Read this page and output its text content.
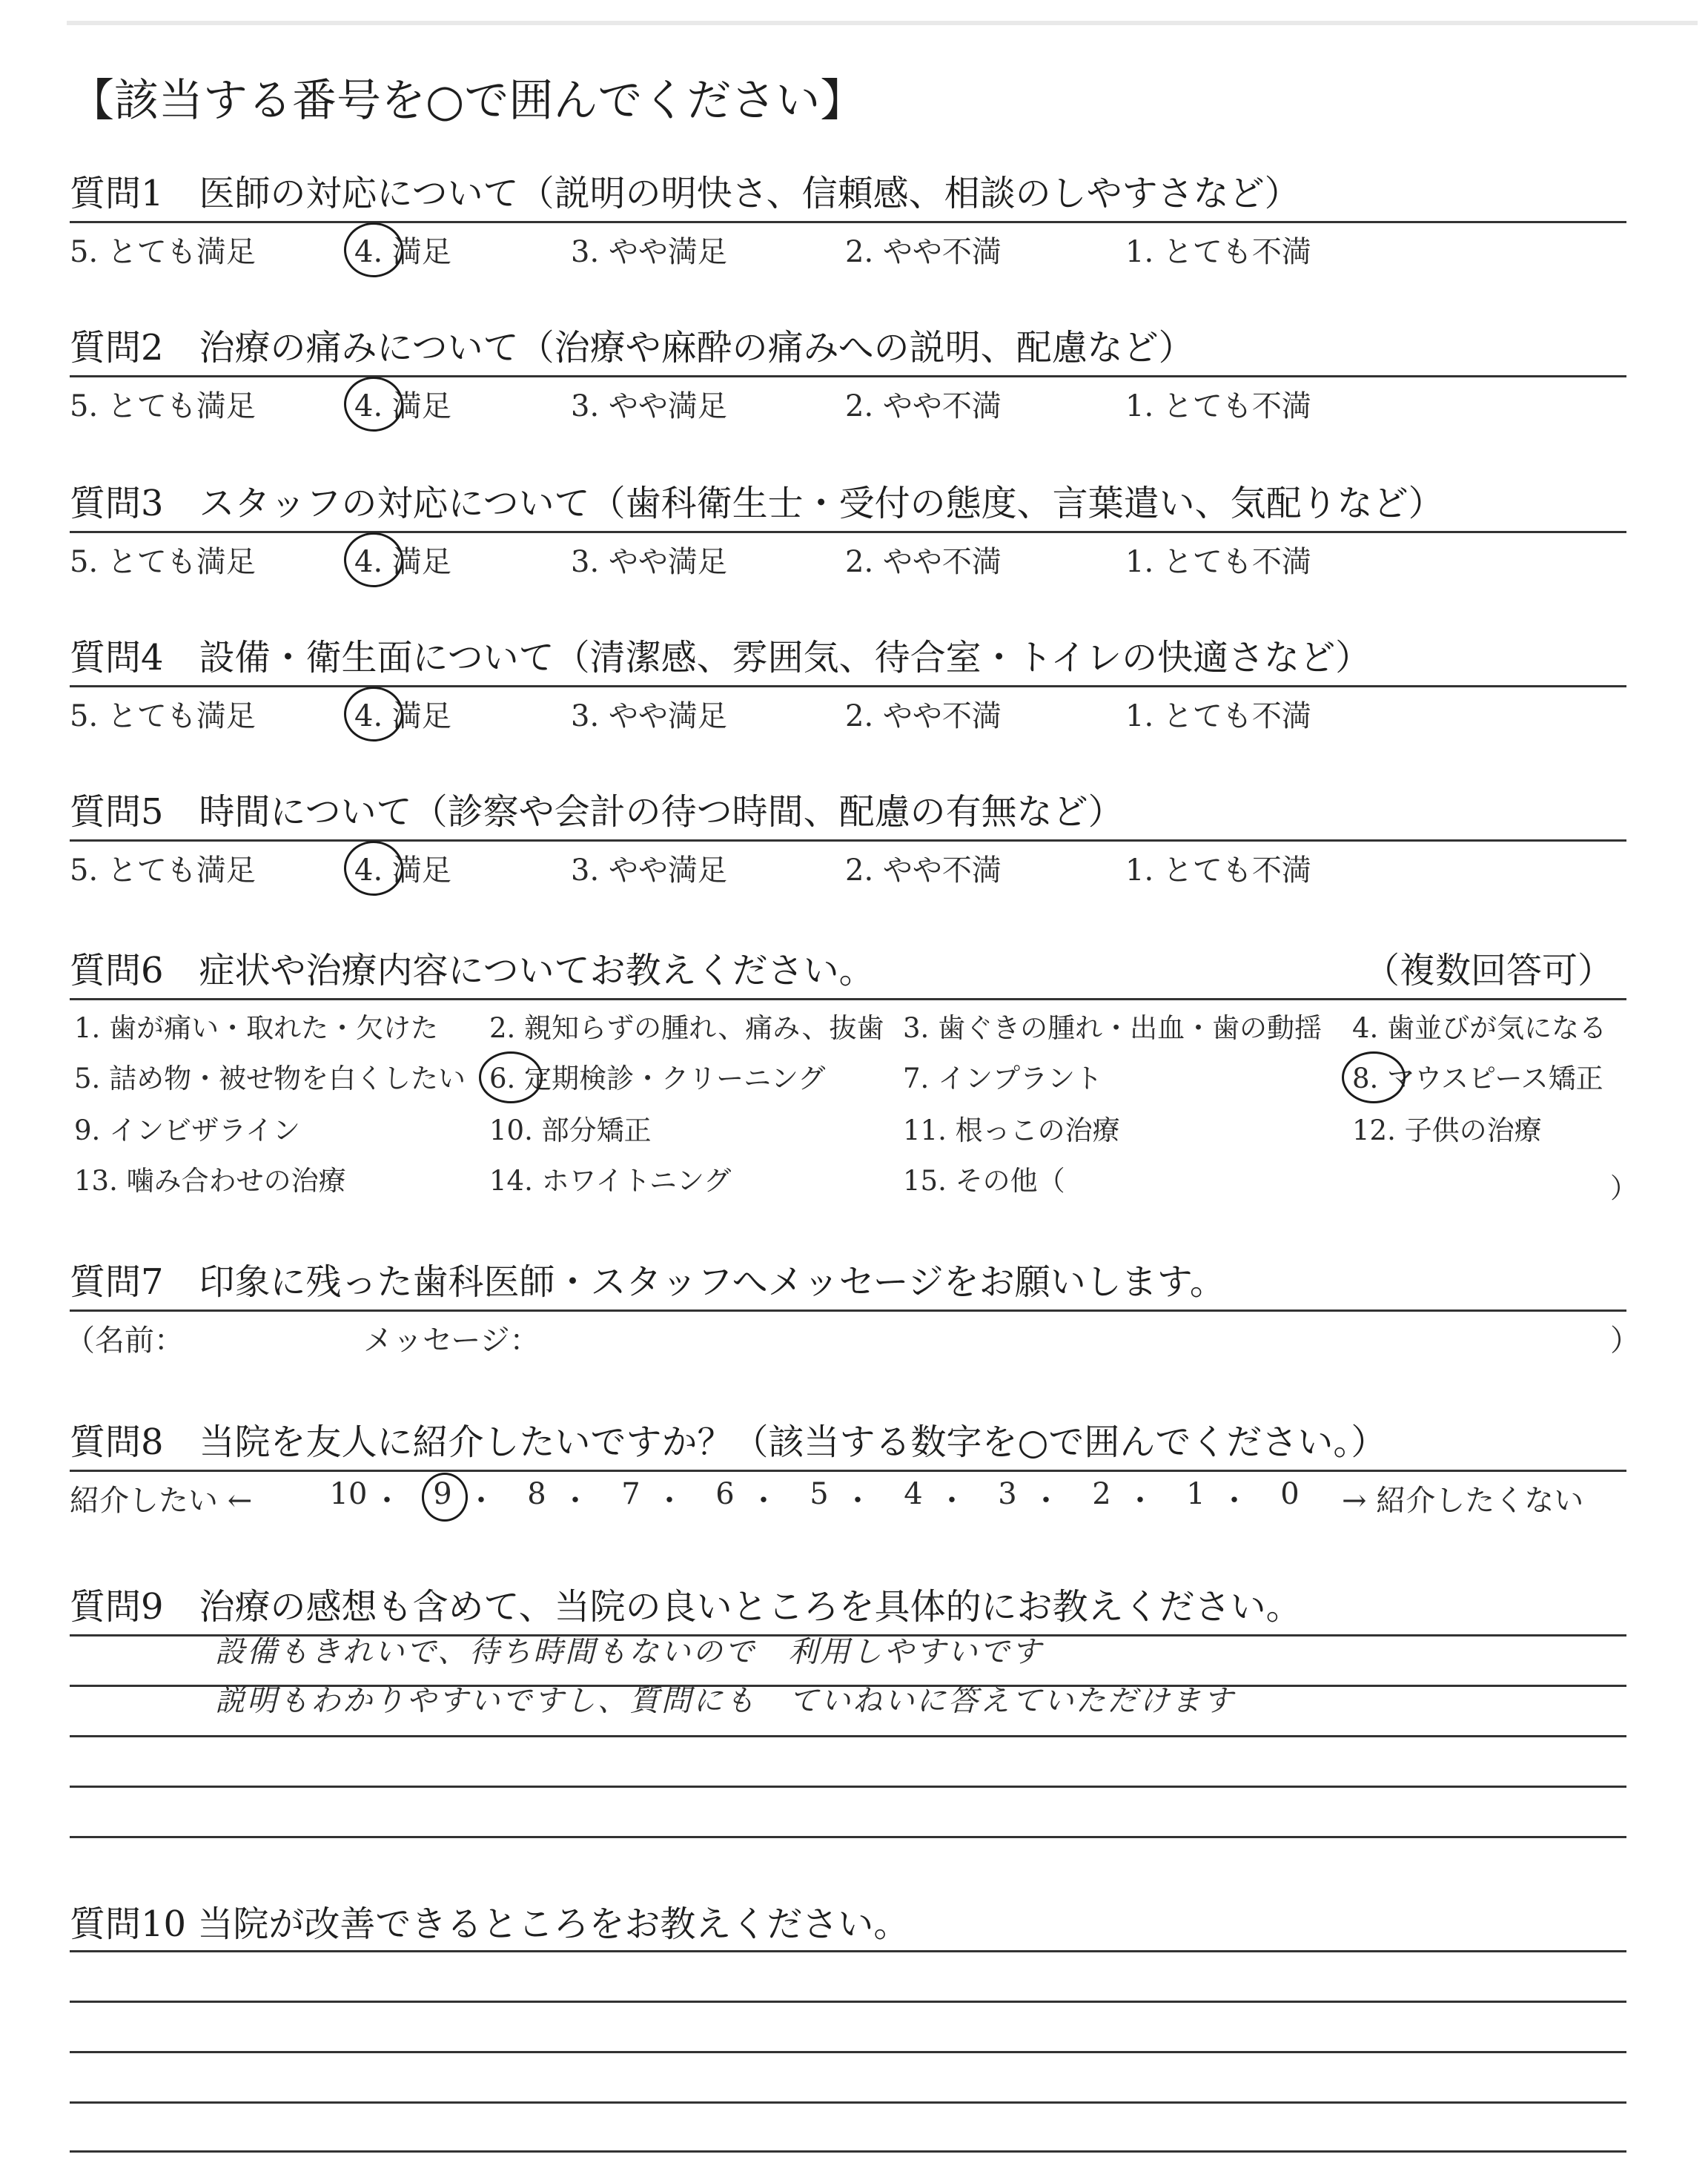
【該当する番号を○で囲んでください】
質問1　医師の対応について（説明の明快さ、信頼感、相談のしやすさなど）
5. とても満足	4. 満足	3. やや満足	2. やや不満	1. とても不満
質問2　治療の痛みについて（治療や麻酔の痛みへの説明、配慮など）
5. とても満足	4. 満足	3. やや満足	2. やや不満	1. とても不満
質問3　スタッフの対応について（歯科衛生士・受付の態度、言葉遣い、気配りなど）
5. とても満足	4. 満足	3. やや満足	2. やや不満	1. とても不満
質問4　設備・衛生面について（清潔感、雰囲気、待合室・トイレの快適さなど）
5. とても満足	4. 満足	3. やや満足	2. やや不満	1. とても不満
質問5　時間について（診察や会計の待つ時間、配慮の有無など）
5. とても満足	4. 満足	3. やや満足	2. やや不満	1. とても不満
質問6　症状や治療内容についてお教えください。	（複数回答可）
1. 歯が痛い・取れた・欠けた 2. 親知らずの腫れ、痛み、抜歯 3. 歯ぐきの腫れ・出血・歯の動揺 4. 歯並びが気になる
5. 詰め物・被せ物を白くしたい 6. 定期検診・クリーニング	7. インプラント	8. マウスピース矯正
9. インビザライン	10. 部分矯正	11. 根っこの治療	12. 子供の治療
13. 噛み合わせの治療	14. ホワイトニング	15. その他（	）
質問7　印象に残った歯科医師・スタッフへメッセージをお願いします。
（名前：	メッセージ：	）
質問8　当院を友人に紹介したいですか？（該当する数字を○で囲んでください。）
紹介したい ←	10 ・	9 ・	8 ・	7 ・	6 ・	5 ・	4 ・	3 ・	2 ・	1 ・	0	→ 紹介したくない
質問9　治療の感想も含めて、当院の良いところを具体的にお教えください。
設備もきれいで、待ち時間もないので　利用しやすいです
説明もわかりやすいですし、質問にも　ていねいに答えていただけます
質問10 当院が改善できるところをお教えください。
